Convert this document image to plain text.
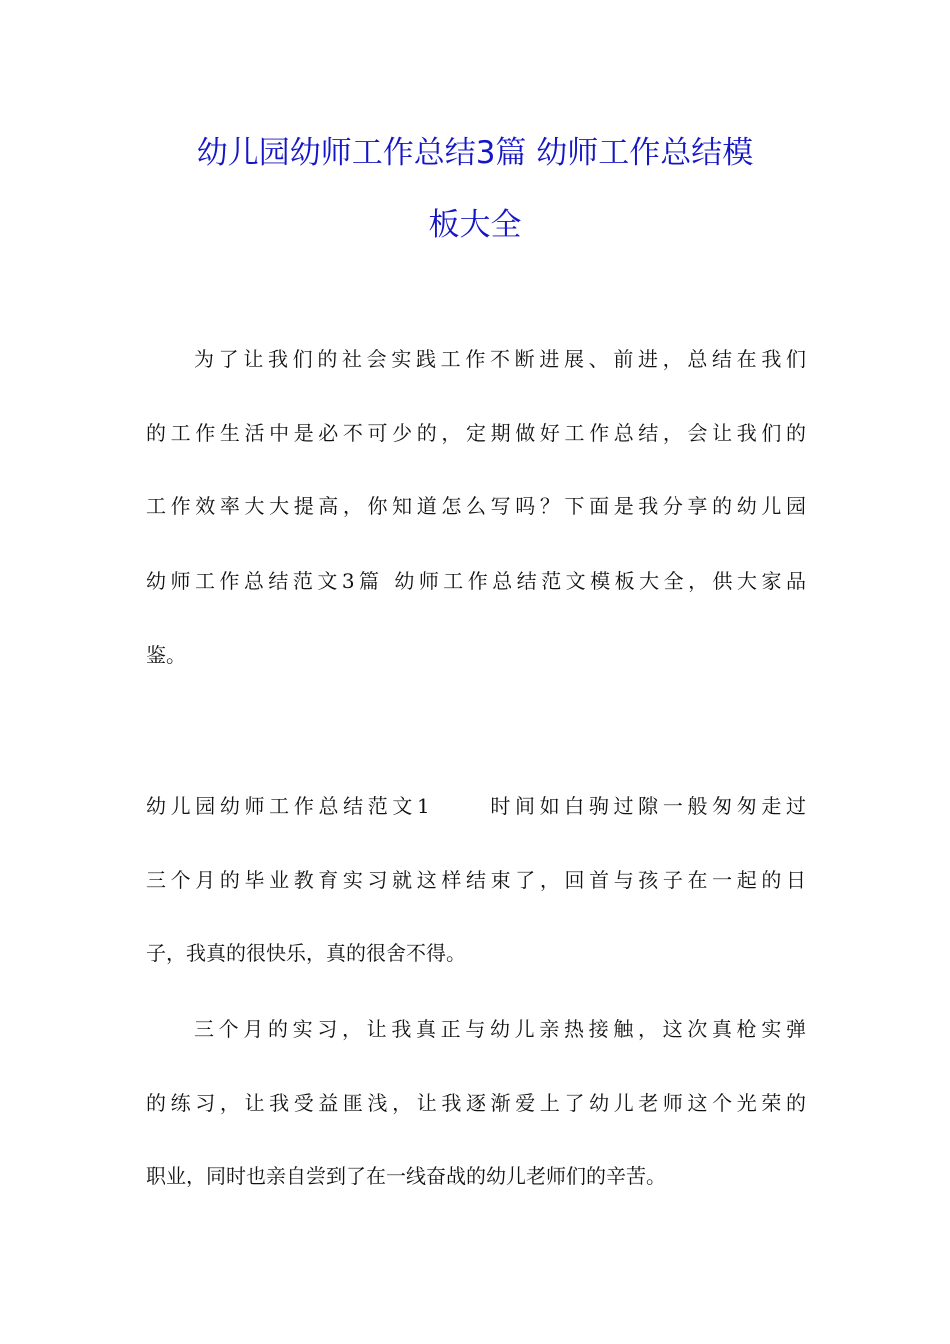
幼儿园幼师工作总结3篇 幼师工作总结模
板大全
为了让我们的社会实践工作不断进展、前进，总结在我们
的工作生活中是必不可少的，定期做好工作总结，会让我们的
工作效率大大提高，你知道怎么写吗？下面是我分享的幼儿园
幼师工作总结范文3篇 幼师工作总结范文模板大全，供大家品
鉴。
幼儿园幼师工作总结范文1	时间如白驹过隙一般匆匆走过
三个月的毕业教育实习就这样结束了，回首与孩子在一起的日
子，我真的很快乐，真的很舍不得。
三个月的实习，让我真正与幼儿亲热接触，这次真枪实弹
的练习，让我受益匪浅，让我逐渐爱上了幼儿老师这个光荣的
职业，同时也亲自尝到了在一线奋战的幼儿老师们的辛苦。
